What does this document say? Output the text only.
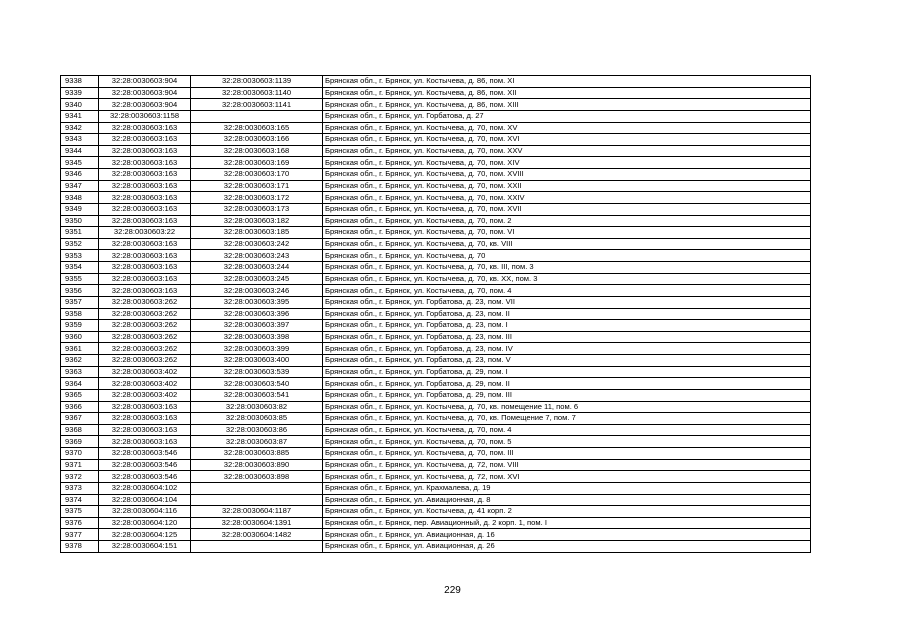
9338	32:28:0030603:904	32:28:0030603:1139	Брянская обл., г. Брянск, ул. Костычева, д. 86, пом. XI
9339	32:28:0030603:904	32:28:0030603:1140	Брянская обл., г. Брянск, ул. Костычева, д. 86, пом. XII
9340	32:28:0030603:904	32:28:0030603:1141	Брянская обл., г. Брянск, ул. Костычева, д. 86, пом. XIII
9341	32:28:0030603:1158		Брянская обл., г. Брянск, ул. Горбатова, д. 27
9342	32:28:0030603:163	32:28:0030603:165	Брянская обл., г. Брянск, ул. Костычева, д. 70, пом. XV
9343	32:28:0030603:163	32:28:0030603:166	Брянская обл., г. Брянск, ул. Костычева, д. 70, пом. XVI
9344	32:28:0030603:163	32:28:0030603:168	Брянская обл., г. Брянск, ул. Костычева, д. 70, пом. XXV
9345	32:28:0030603:163	32:28:0030603:169	Брянская обл., г. Брянск, ул. Костычева, д. 70, пом. XIV
9346	32:28:0030603:163	32:28:0030603:170	Брянская обл., г. Брянск, ул. Костычева, д. 70, пом. XVIII
9347	32:28:0030603:163	32:28:0030603:171	Брянская обл., г. Брянск, ул. Костычева, д. 70, пом. XXII
9348	32:28:0030603:163	32:28:0030603:172	Брянская обл., г. Брянск, ул. Костычева, д. 70, пом. XXIV
9349	32:28:0030603:163	32:28:0030603:173	Брянская обл., г. Брянск, ул. Костычева, д. 70, пом. XVII
9350	32:28:0030603:163	32:28:0030603:182	Брянская обл., г. Брянск, ул. Костычева, д. 70, пом. 2
9351	32:28:0030603:22	32:28:0030603:185	Брянская обл., г. Брянск, ул. Костычева, д. 70, пом. VI
9352	32:28:0030603:163	32:28:0030603:242	Брянская обл., г. Брянск, ул. Костычева, д. 70, кв. VIII
9353	32:28:0030603:163	32:28:0030603:243	Брянская обл., г. Брянск, ул. Костычева, д. 70
9354	32:28:0030603:163	32:28:0030603:244	Брянская обл., г. Брянск, ул. Костычева, д. 70, кв. III, пом. 3
9355	32:28:0030603:163	32:28:0030603:245	Брянская обл., г. Брянск, ул. Костычева, д. 70, кв. XX, пом. 3
9356	32:28:0030603:163	32:28:0030603:246	Брянская обл., г. Брянск, ул. Костычева, д. 70, пом. 4
9357	32:28:0030603:262	32:28:0030603:395	Брянская обл., г. Брянск, ул. Горбатова, д. 23, пом. VII
9358	32:28:0030603:262	32:28:0030603:396	Брянская обл., г. Брянск, ул. Горбатова, д. 23, пом. II
9359	32:28:0030603:262	32:28:0030603:397	Брянская обл., г. Брянск, ул. Горбатова, д. 23, пом. I
9360	32:28:0030603:262	32:28:0030603:398	Брянская обл., г. Брянск, ул. Горбатова, д. 23, пом. III
9361	32:28:0030603:262	32:28:0030603:399	Брянская обл., г. Брянск, ул. Горбатова, д. 23, пом. IV
9362	32:28:0030603:262	32:28:0030603:400	Брянская обл., г. Брянск, ул. Горбатова, д. 23, пом. V
9363	32:28:0030603:402	32:28:0030603:539	Брянская обл., г. Брянск, ул. Горбатова, д. 29, пом. I
9364	32:28:0030603:402	32:28:0030603:540	Брянская обл., г. Брянск, ул. Горбатова, д. 29, пом. II
9365	32:28:0030603:402	32:28:0030603:541	Брянская обл., г. Брянск, ул. Горбатова, д. 29, пом. III
9366	32:28:0030603:163	32:28:0030603:82	Брянская обл., г. Брянск, ул. Костычева, д. 70, кв. помещение 11, пом. 6
9367	32:28:0030603:163	32:28:0030603:85	Брянская обл., г. Брянск, ул. Костычева, д. 70, кв. Помещение 7, пом. 7
9368	32:28:0030603:163	32:28:0030603:86	Брянская обл., г. Брянск, ул. Костычева, д. 70, пом. 4
9369	32:28:0030603:163	32:28:0030603:87	Брянская обл., г. Брянск, ул. Костычева, д. 70, пом. 5
9370	32:28:0030603:546	32:28:0030603:885	Брянская обл., г. Брянск, ул. Костычева, д. 70, пом. III
9371	32:28:0030603:546	32:28:0030603:890	Брянская обл., г. Брянск, ул. Костычева, д. 72, пом. VIII
9372	32:28:0030603:546	32:28:0030603:898	Брянская обл., г. Брянск, ул. Костычева, д. 72, пом. XVI
9373	32:28:0030604:102		Брянская обл., г. Брянск, ул. Крахмалева, д. 19
9374	32:28:0030604:104		Брянская обл., г. Брянск, ул. Авиационная, д. 8
9375	32:28:0030604:116	32:28:0030604:1187	Брянская обл., г. Брянск, ул. Костычева, д. 41 корп. 2
9376	32:28:0030604:120	32:28:0030604:1391	Брянская обл., г. Брянск, пер. Авиационный, д. 2 корп. 1, пом. I
9377	32:28:0030604:125	32:28:0030604:1482	Брянская обл., г. Брянск, ул. Авиационная, д. 16
9378	32:28:0030604:151		Брянская обл., г. Брянск, ул. Авиационная, д. 26
229
